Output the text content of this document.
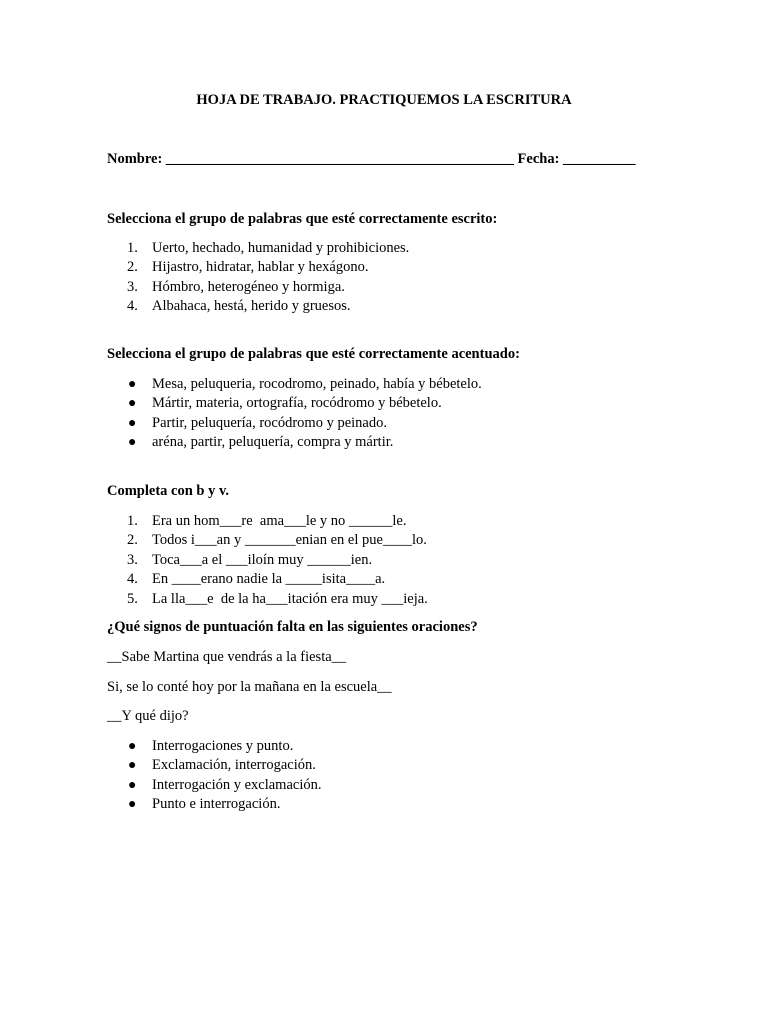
HOJA DE TRABAJO. PRACTIQUEMOS LA ESCRITURA
Nombre: ________________________________________________ Fecha: __________
Selecciona el grupo de palabras que esté correctamente escrito:
1. Uerto, hechado, humanidad y prohibiciones.
2. Hijastro, hidratar, hablar y hexágono.
3. Hómbro, heterogéneo y hormiga.
4. Albahaca, hestá, herido y gruesos.
Selecciona el grupo de palabras que esté correctamente acentuado:
●	Mesa, peluqueria, rocodromo, peinado, había y bébetelo.
●	Mártir, materia, ortografía, rocódromo y bébetelo.
●	Partir, peluquería, rocódromo y peinado.
●	aréna, partir, peluquería, compra y mártir.
Completa con b y v.
1. Era un hom___re  ama___le y no ______le.
2. Todos i___an y _______enian en el pue____lo.
3. Toca___a el ___iloín muy ______ien.
4. En ____erano nadie la _____isita____a.
5. La lla___e  de la ha___itación era muy ___ieja.
¿Qué signos de puntuación falta en las siguientes oraciones?
__Sabe Martina que vendrás a la fiesta__
Si, se lo conté hoy por la mañana en la escuela__
__Y qué dijo?
●	Interrogaciones y punto.
●	Exclamación, interrogación.
●	Interrogación y exclamación.
●	Punto e interrogación.
